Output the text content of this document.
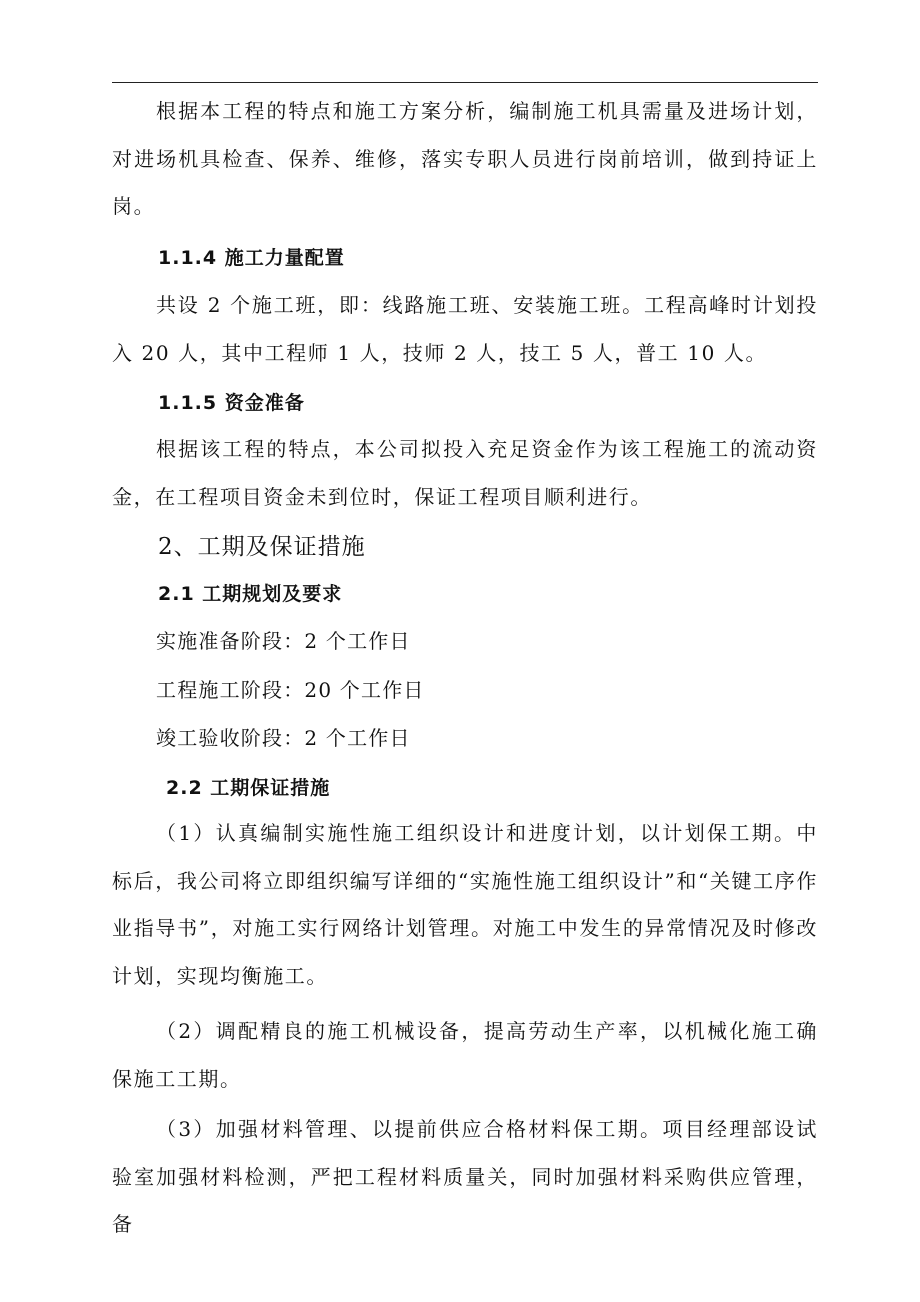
根据本工程的特点和施工方案分析，编制施工机具需量及进场计划，对进场机具检查、保养、维修，落实专职人员进行岗前培训，做到持证上岗。

1.1.4 施工力量配置

共设 2 个施工班，即：线路施工班、安装施工班。工程高峰时计划投入 20 人，其中工程师 1 人，技师 2 人，技工 5 人，普工 10 人。

1.1.5 资金准备

根据该工程的特点，本公司拟投入充足资金作为该工程施工的流动资金，在工程项目资金未到位时，保证工程项目顺利进行。

2、工期及保证措施

2.1 工期规划及要求

实施准备阶段：2 个工作日

工程施工阶段：20 个工作日

竣工验收阶段：2 个工作日

2.2 工期保证措施

（1）认真编制实施性施工组织设计和进度计划，以计划保工期。中标后，我公司将立即组织编写详细的“实施性施工组织设计”和“关键工序作业指导书”，对施工实行网络计划管理。对施工中发生的异常情况及时修改计划，实现均衡施工。

（2）调配精良的施工机械设备，提高劳动生产率，以机械化施工确保施工工期。

（3）加强材料管理、以提前供应合格材料保工期。项目经理部设试验室加强材料检测，严把工程材料质量关，同时加强材料采购供应管理，备
